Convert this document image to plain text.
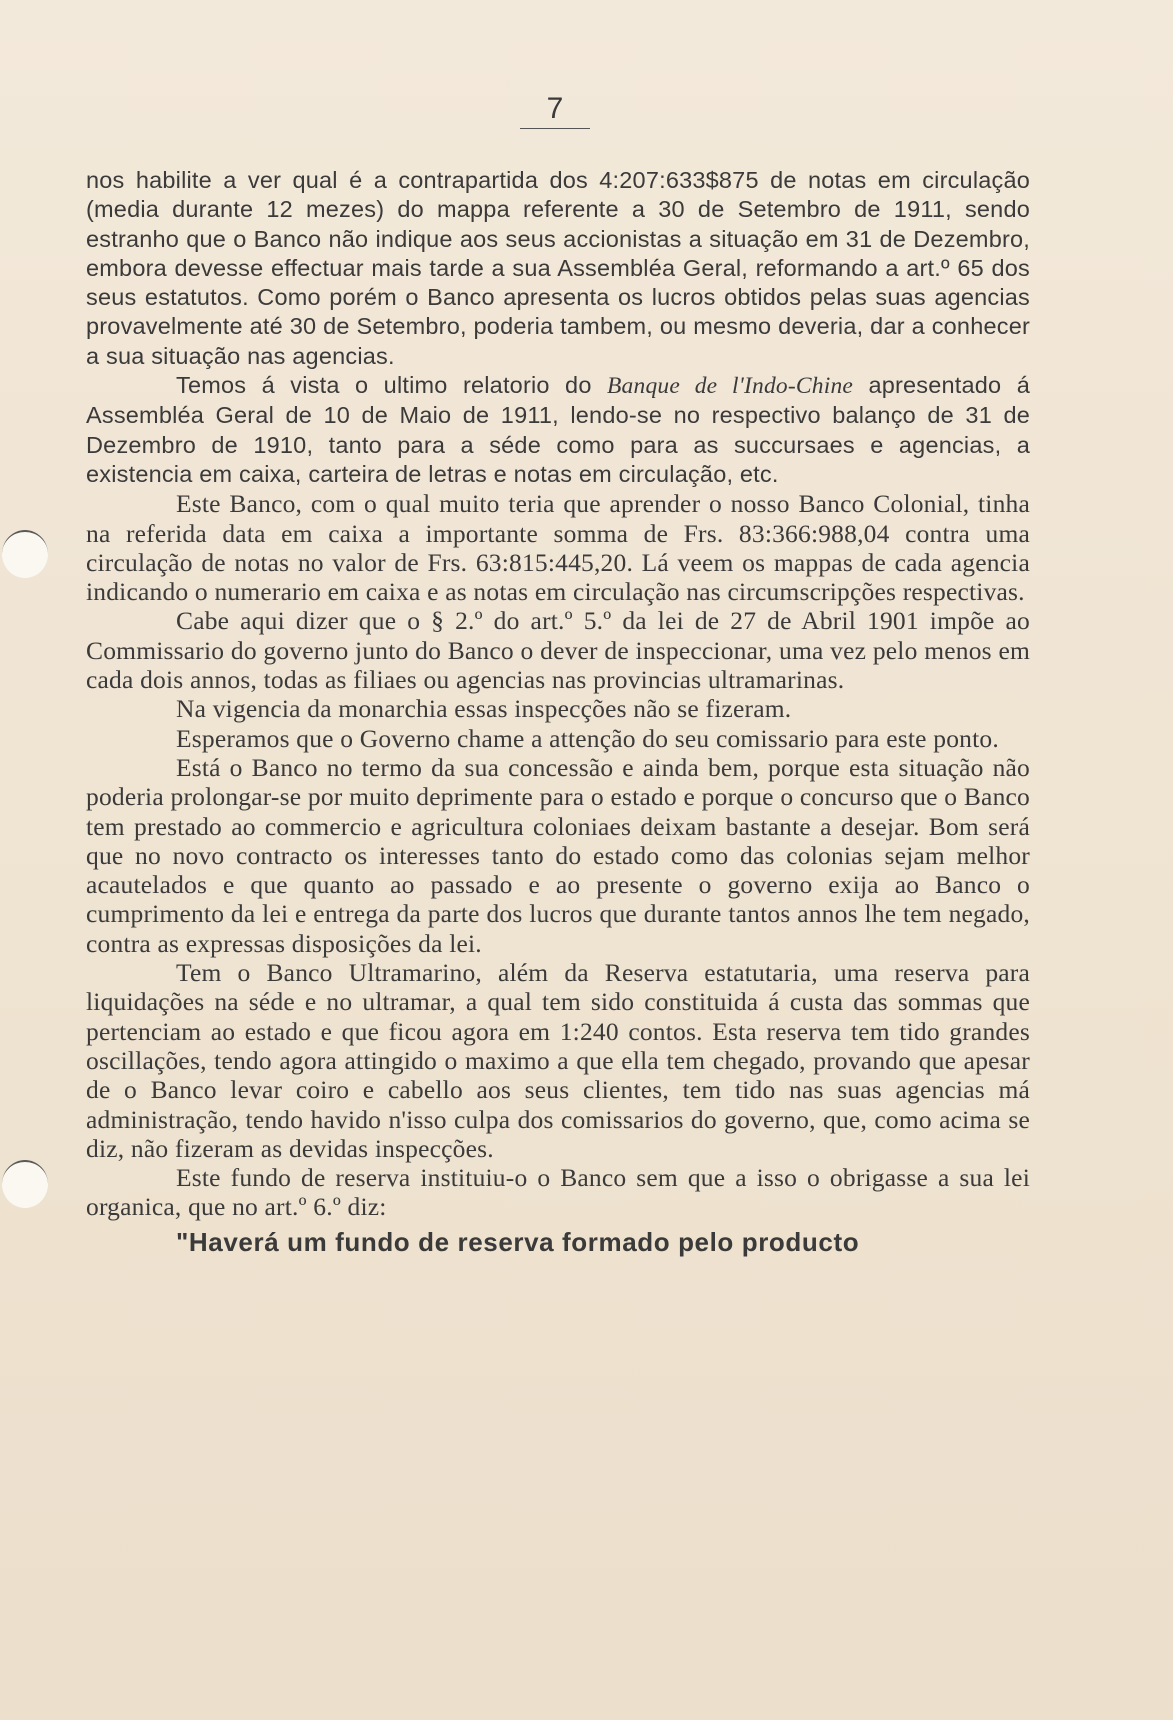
7

nos habilite a ver qual é a contrapartida dos 4:207:633$875 de notas em circulação (media durante 12 mezes) do mappa referente a 30 de Setembro de 1911, sendo estranho que o Banco não indique aos seus accionistas a situação em 31 de Dezembro, embora devesse effectuar mais tarde a sua Assembléa Geral, reformando a art.º 65 dos seus estatutos. Como porém o Banco apresenta os lucros obtidos pelas suas agencias provavelmente até 30 de Setembro, poderia tambem, ou mesmo deveria, dar a conhecer a sua situação nas agencias.

Temos á vista o ultimo relatorio do Banque de l'Indo-Chine apresentado á Assembléa Geral de 10 de Maio de 1911, lendo-se no respectivo balanço de 31 de Dezembro de 1910, tanto para a séde como para as succursaes e agencias, a existencia em caixa, carteira de letras e notas em circulação, etc.

Este Banco, com o qual muito teria que aprender o nosso Banco Colonial, tinha na referida data em caixa a importante somma de Frs. 83:366:988,04 contra uma circulação de notas no valor de Frs. 63:815:445,20. Lá veem os mappas de cada agencia indicando o numerario em caixa e as notas em circulação nas circumscripções respectivas.

Cabe aqui dizer que o § 2.º do art.º 5.º da lei de 27 de Abril 1901 impõe ao Commissario do governo junto do Banco o dever de inspeccionar, uma vez pelo menos em cada dois annos, todas as filiaes ou agencias nas provincias ultramarinas.

Na vigencia da monarchia essas inspecções não se fizeram.

Esperamos que o Governo chame a attenção do seu comissario para este ponto.

Está o Banco no termo da sua concessão e ainda bem, porque esta situação não poderia prolongar-se por muito deprimente para o estado e porque o concurso que o Banco tem prestado ao commercio e agricultura coloniaes deixam bastante a desejar. Bom será que no novo contracto os interesses tanto do estado como das colonias sejam melhor acautelados e que quanto ao passado e ao presente o governo exija ao Banco o cumprimento da lei e entrega da parte dos lucros que durante tantos annos lhe tem negado, contra as expressas disposições da lei.

Tem o Banco Ultramarino, além da Reserva estatutaria, uma reserva para liquidações na séde e no ultramar, a qual tem sido constituida á custa das sommas que pertenciam ao estado e que ficou agora em 1:240 contos. Esta reserva tem tido grandes oscillações, tendo agora attingido o maximo a que ella tem chegado, provando que apesar de o Banco levar coiro e cabello aos seus clientes, tem tido nas suas agencias má administração, tendo havido n'isso culpa dos comissarios do governo, que, como acima se diz, não fizeram as devidas inspecções.

Este fundo de reserva instituiu-o o Banco sem que a isso o obrigasse a sua lei organica, que no art.º 6.º diz:

"Haverá um fundo de reserva formado pelo producto
